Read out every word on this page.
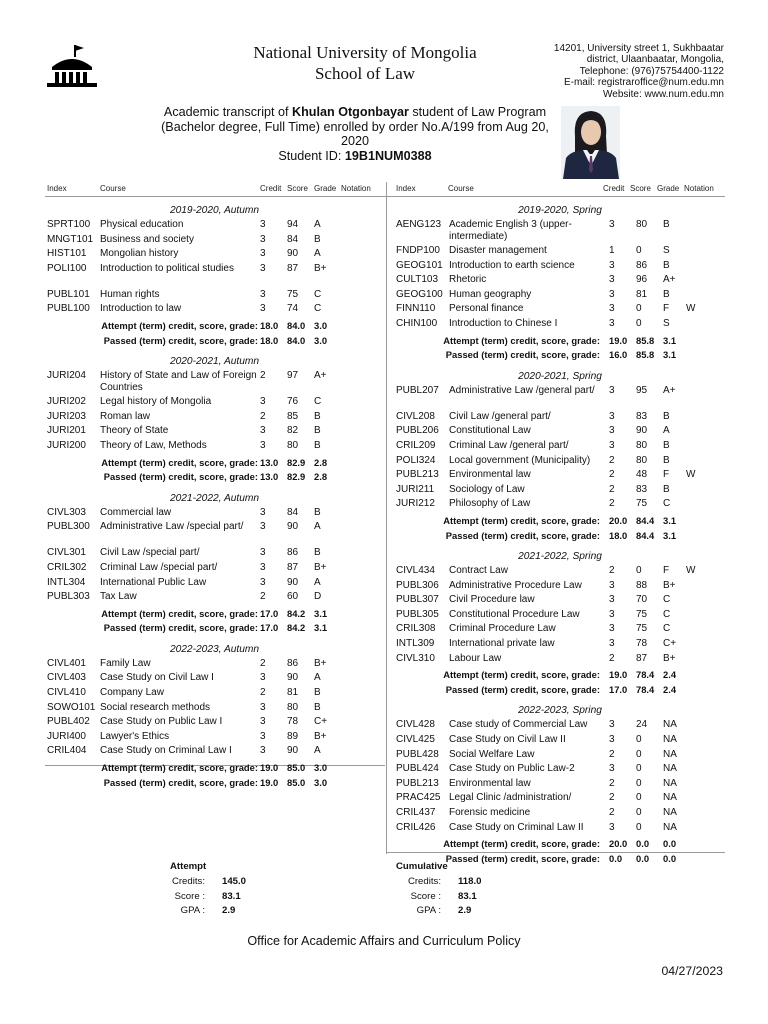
National University of Mongolia
School of Law
14201, University street 1, Sukhbaatar
district, Ulaanbaatar, Mongolia,
Telephone: (976)75754400-1122
E-mail: registraroffice@num.edu.mn
Website: www.num.edu.mn
Academic transcript of Khulan Otgonbayar student of Law Program
(Bachelor degree, Full Time) enrolled by order No.A/199 from Aug 20,
2020
Student ID: 19B1NUM0388
Index	Course	Credit Score Grade Notation	Index	Course	Credit Score Grade Notation
2019-2020, Autumn
SPRT100 Physical education	3 94 A
MNGT101 Business and society	3 84 B
HIST101 Mongolian history	3 90 A
POLI100 Introduction to political studies	3 87 B+
PUBL101 Human rights	3 75 C
PUBL100 Introduction to law	3 74 C
Attempt (term) credit, score, grade: 18.0 84.0 3.0
Passed (term) credit, score, grade: 18.0 84.0 3.0
2020-2021, Autumn
JURI204 History of State and Law of Foreign Countries
2 97 A+
JURI202 Legal history of Mongolia	3 76 C
JURI203 Roman law	2 85 B
JURI201 Theory of State	3 82 B
JURI200 Theory of Law, Methods	3 80 B
Attempt (term) credit, score, grade: 13.0 82.9 2.8
Passed (term) credit, score, grade: 13.0 82.9 2.8
2021-2022, Autumn
CIVL303 Commercial law	3 84 B
PUBL300 Administrative Law /special part/	3 90 A
CIVL301 Civil Law /special part/	3 86 B
CRIL302 Criminal Law /special part/	3 87 B+
INTL304 International Public Law	3 90 A
PUBL303 Tax Law	2 60 D
Attempt (term) credit, score, grade: 17.0 84.2 3.1
Passed (term) credit, score, grade: 17.0 84.2 3.1
2022-2023, Autumn
CIVL401 Family Law	2 86 B+
CIVL403 Case Study on Civil Law I	3 90 A
CIVL410 Company Law	2 81 B
SOWO101 Social research methods	3 80 B
PUBL402 Case Study on Public Law I	3 78 C+
JURI400 Lawyer's Ethics	3 89 B+
CRIL404 Case Study on Criminal Law I	3 90 A
Attempt (term) credit, score, grade: 19.0 85.0 3.0
Passed (term) credit, score, grade: 19.0 85.0 3.0
2019-2020, Spring
AENG123 Academic English 3 (upper-intermediate)
3 80 B
FNDP100 Disaster management	1 0 S
GEOG101 Introduction to earth science	3 86 B
CULT103 Rhetoric	3 96 A+
GEOG100 Human geography	3 81 B
FINN110 Personal finance	3 0 F W
CHIN100 Introduction to Chinese I	3 0 S
Attempt (term) credit, score, grade: 19.0 85.8 3.1
Passed (term) credit, score, grade: 16.0 85.8 3.1
2020-2021, Spring
PUBL207 Administrative Law /general part/	3 95 A+
CIVL208 Civil Law /general part/	3 83 B
PUBL206 Constitutional Law	3 90 A
CRIL209 Criminal Law /general part/	3 80 B
POLI324 Local government (Municipality)	2 80 B
PUBL213 Environmental law	2 48 F W
JURI211 Sociology of Law	2 83 B
JURI212 Philosophy of Law	2 75 C
Attempt (term) credit, score, grade: 20.0 84.4 3.1
Passed (term) credit, score, grade: 18.0 84.4 3.1
2021-2022, Spring
CIVL434 Contract Law	2 0 F W
PUBL306 Administrative Procedure Law	3 88 B+
PUBL307 Civil Procedure law	3 70 C
PUBL305 Constitutional Procedure Law	3 75 C
CRIL308 Criminal Procedure Law	3 75 C
INTL309 International private law	3 78 C+
CIVL310 Labour Law	2 87 B+
Attempt (term) credit, score, grade: 19.0 78.4 2.4
Passed (term) credit, score, grade: 17.0 78.4 2.4
2022-2023, Spring
CIVL428 Case study of Commercial Law	3 24 NA
CIVL425 Case Study on Civil Law II	3 0 NA
PUBL428 Social Welfare Law	2 0 NA
PUBL424 Case Study on Public Law-2	3 0 NA
PUBL213 Environmental law	2 0 NA
PRAC425 Legal Clinic /administration/	2 0 NA
CRIL437 Forensic medicine	2 0 NA
CRIL426 Case Study on Criminal Law II	3 0 NA
Attempt (term) credit, score, grade: 20.0 0.0 0.0
Passed (term) credit, score, grade: 0.0 0.0 0.0
Attempt
Credits: 145.0
Score : 83.1
GPA : 2.9
Cumulative
Credits: 118.0
Score : 83.1
GPA : 2.9
Office for Academic Affairs and Curriculum Policy
04/27/2023
